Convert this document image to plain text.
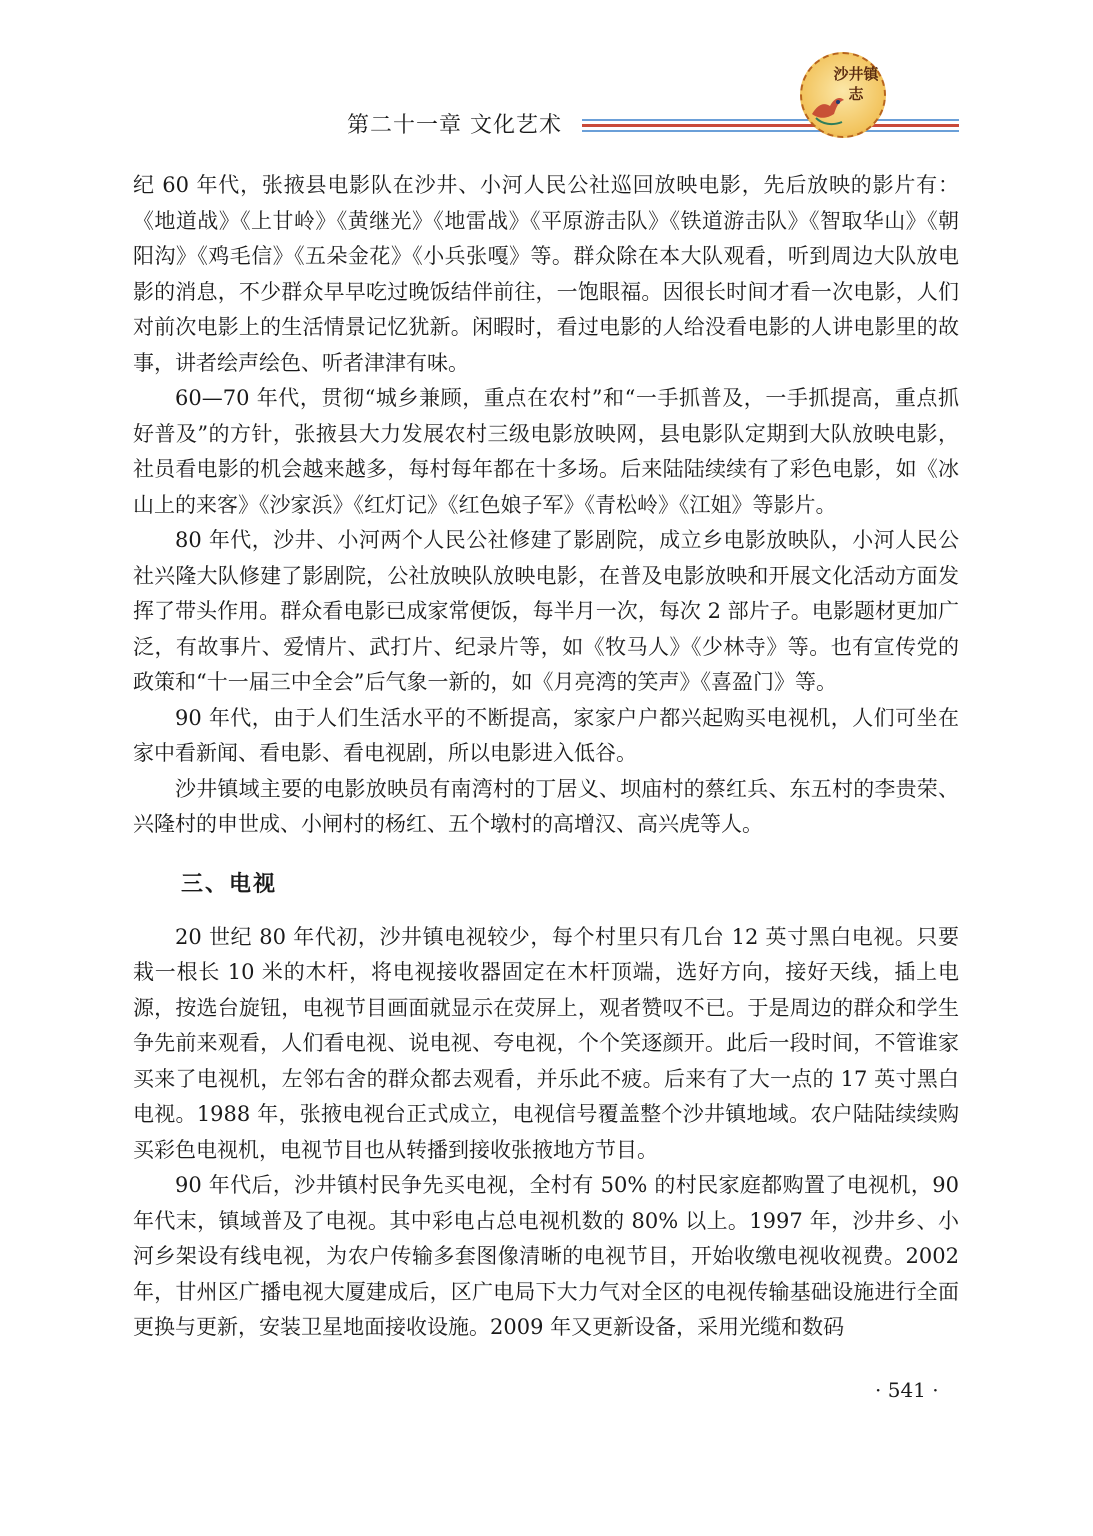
第二十一章 文化艺术
沙井镇志

纪 60 年代，张掖县电影队在沙井、小河人民公社巡回放映电影，先后放映的影片有：《地道战》《上甘岭》《黄继光》《地雷战》《平原游击队》《铁道游击队》《智取华山》《朝阳沟》《鸡毛信》《五朵金花》《小兵张嘎》等。群众除在本大队观看，听到周边大队放电影的消息，不少群众早早吃过晚饭结伴前往，一饱眼福。因很长时间才看一次电影，人们对前次电影上的生活情景记忆犹新。闲暇时，看过电影的人给没看电影的人讲电影里的故事，讲者绘声绘色、听者津津有味。

60—70 年代，贯彻“城乡兼顾，重点在农村”和“一手抓普及，一手抓提高，重点抓好普及”的方针，张掖县大力发展农村三级电影放映网，县电影队定期到大队放映电影，社员看电影的机会越来越多，每村每年都在十多场。后来陆陆续续有了彩色电影，如《冰山上的来客》《沙家浜》《红灯记》《红色娘子军》《青松岭》《江姐》等影片。

80 年代，沙井、小河两个人民公社修建了影剧院，成立乡电影放映队，小河人民公社兴隆大队修建了影剧院，公社放映队放映电影，在普及电影放映和开展文化活动方面发挥了带头作用。群众看电影已成家常便饭，每半月一次，每次 2 部片子。电影题材更加广泛，有故事片、爱情片、武打片、纪录片等，如《牧马人》《少林寺》等。也有宣传党的政策和“十一届三中全会”后气象一新的，如《月亮湾的笑声》《喜盈门》等。

90 年代，由于人们生活水平的不断提高，家家户户都兴起购买电视机，人们可坐在家中看新闻、看电影、看电视剧，所以电影进入低谷。

沙井镇域主要的电影放映员有南湾村的丁居义、坝庙村的蔡红兵、东五村的李贵荣、兴隆村的申世成、小闸村的杨红、五个墩村的高增汉、高兴虎等人。

三、电视

20 世纪 80 年代初，沙井镇电视较少，每个村里只有几台 12 英寸黑白电视。只要栽一根长 10 米的木杆，将电视接收器固定在木杆顶端，选好方向，接好天线，插上电源，按选台旋钮，电视节目画面就显示在荧屏上，观者赞叹不已。于是周边的群众和学生争先前来观看，人们看电视、说电视、夸电视，个个笑逐颜开。此后一段时间，不管谁家买来了电视机，左邻右舍的群众都去观看，并乐此不疲。后来有了大一点的 17 英寸黑白电视。1988 年，张掖电视台正式成立，电视信号覆盖整个沙井镇地域。农户陆陆续续购买彩色电视机，电视节目也从转播到接收张掖地方节目。

90 年代后，沙井镇村民争先买电视，全村有 50% 的村民家庭都购置了电视机，90 年代末，镇域普及了电视。其中彩电占总电视机数的 80% 以上。1997 年，沙井乡、小河乡架设有线电视，为农户传输多套图像清晰的电视节目，开始收缴电视收视费。2002 年，甘州区广播电视大厦建成后，区广电局下大力气对全区的电视传输基础设施进行全面更换与更新，安装卫星地面接收设施。2009 年又更新设备，采用光缆和数码

· 541 ·
